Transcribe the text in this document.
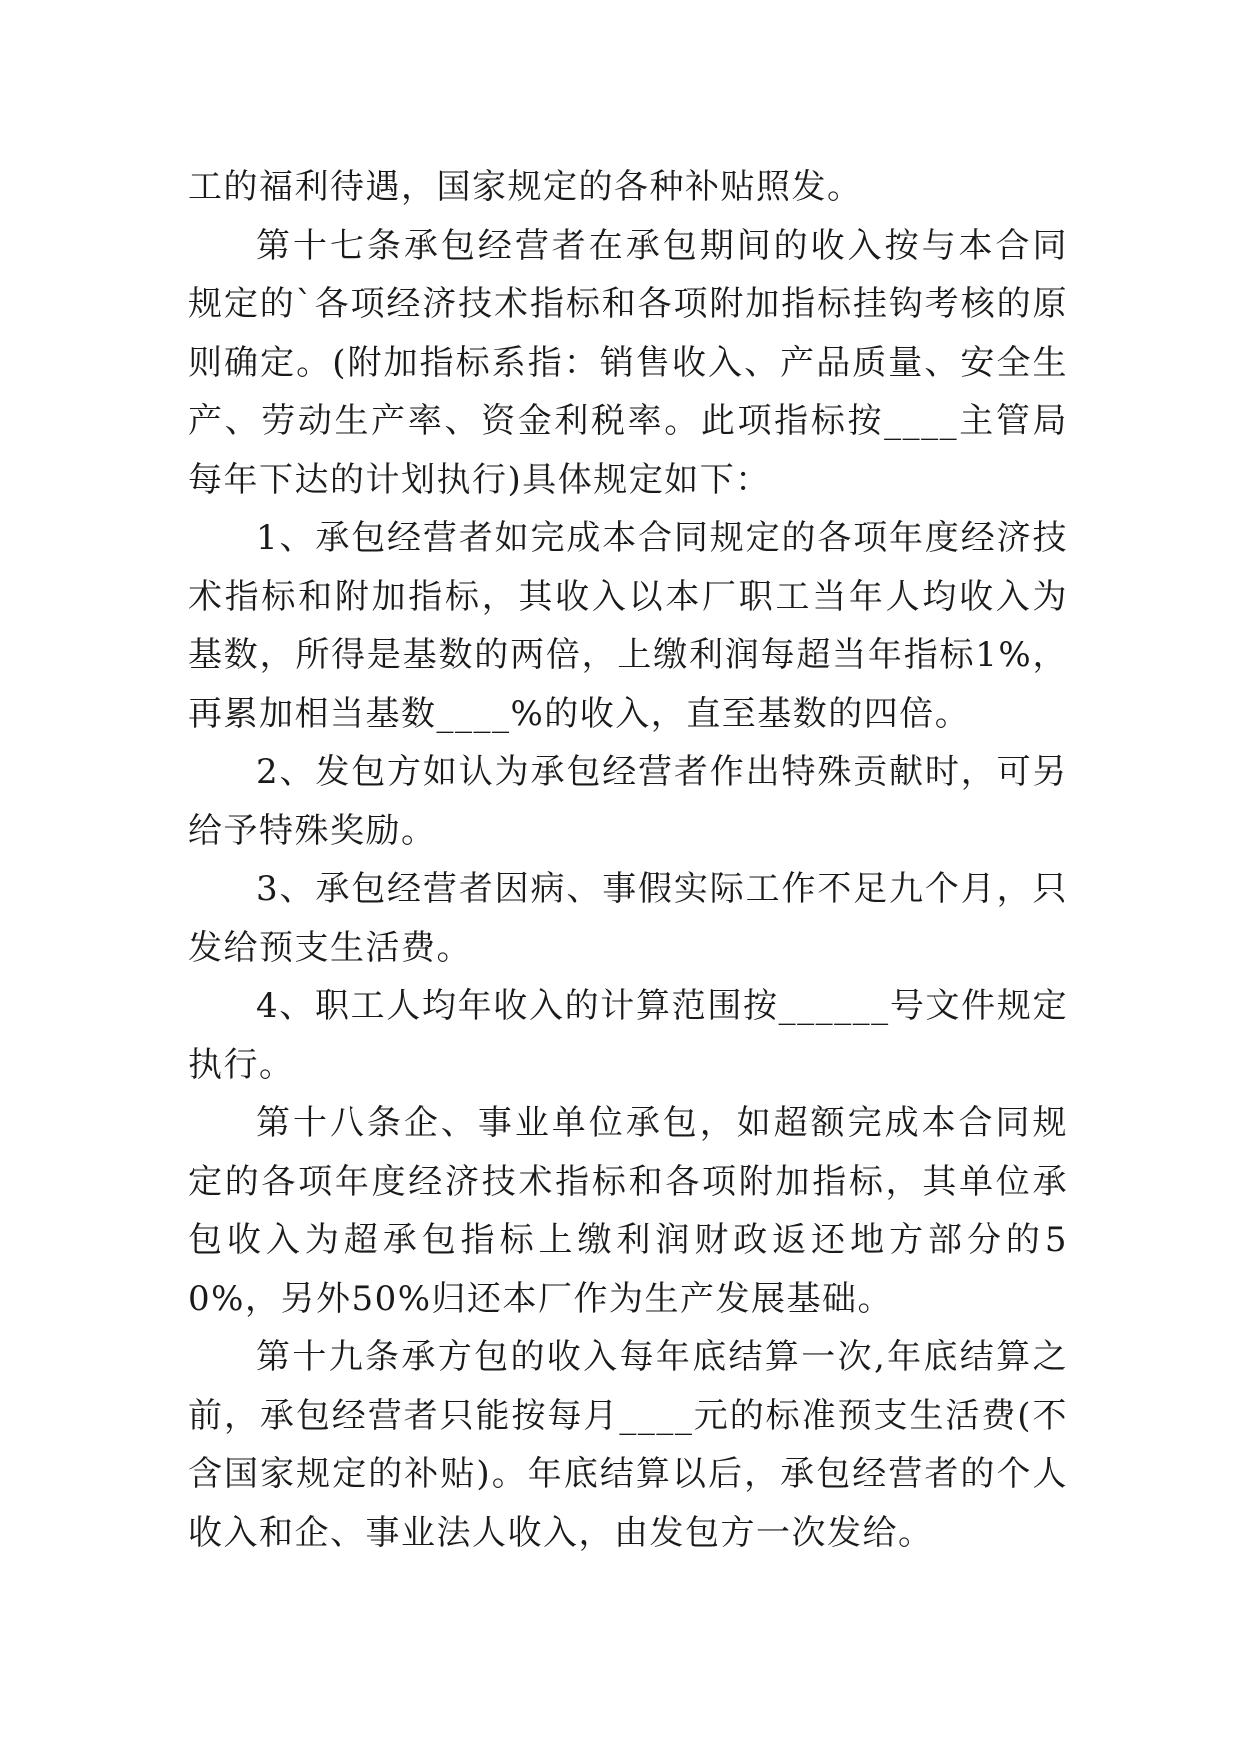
工的福利待遇，国家规定的各种补贴照发。

第十七条承包经营者在承包期间的收入按与本合同规定的`各项经济技术指标和各项附加指标挂钩考核的原则确定。(附加指标系指：销售收入、产品质量、安全生产、劳动生产率、资金利税率。此项指标按____主管局每年下达的计划执行)具体规定如下：

1、承包经营者如完成本合同规定的各项年度经济技术指标和附加指标，其收入以本厂职工当年人均收入为基数，所得是基数的两倍，上缴利润每超当年指标1%，再累加相当基数____%的收入，直至基数的四倍。

2、发包方如认为承包经营者作出特殊贡献时，可另给予特殊奖励。

3、承包经营者因病、事假实际工作不足九个月，只发给预支生活费。

4、职工人均年收入的计算范围按______号文件规定执行。

第十八条企、事业单位承包，如超额完成本合同规定的各项年度经济技术指标和各项附加指标，其单位承包收入为超承包指标上缴利润财政返还地方部分的50%，另外50%归还本厂作为生产发展基础。

第十九条承方包的收入每年底结算一次,年底结算之前，承包经营者只能按每月____元的标准预支生活费(不含国家规定的补贴)。年底结算以后，承包经营者的个人收入和企、事业法人收入，由发包方一次发给。
